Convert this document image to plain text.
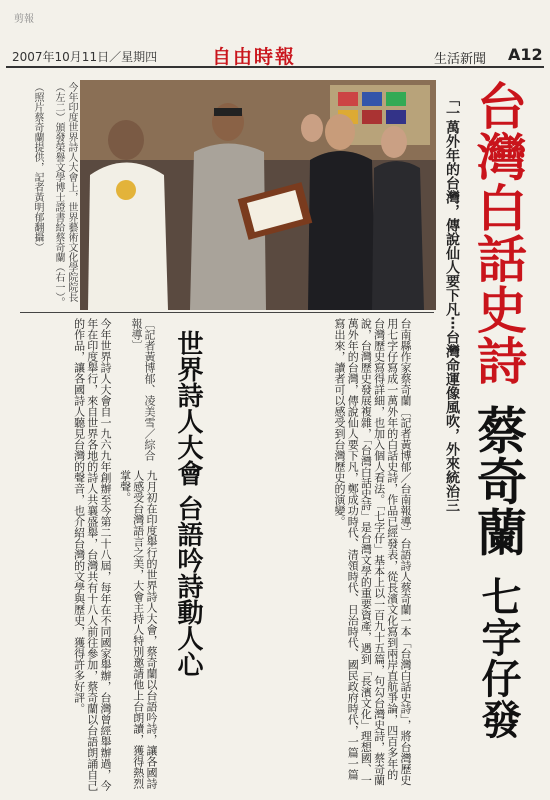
剪報
2007年10月11日／星期四	自由時報	生活新聞 A12
台灣白話史詩 蔡奇蘭 七字仔發
「一萬外年的台灣，傳說仙人要下凡⋯台灣命運像風吹，外來統治三
今年印度世界詩人大會上，世界藝術文化學院院長（左二）頒發榮譽文學博士證書給蔡奇蘭（右一）。
（照片蔡奇蘭提供，記者黃明郁翻攝）
台南縣作家蔡奇蘭〔記者黃博郁／台南報導〕台語詩人蔡奇蘭一本「台灣白話史詩」，將台灣歷史用七字仔寫成一萬外年的白話史詩，作品已經發表，從長濱文化寫到兩岸直航爭論，四百多年的台灣歷史寫得詳細，也加入個人看法。「七字仔」基本上以一百九十五篇，句勾台灣史詩，蔡奇蘭說，台灣歷史發展複雜，「台灣白話史詩」是台灣文學的重要資產，遇到「長濱文化」理想國、一萬外年的台灣，傳說仙人要下凡，鄭成功時代、清領時代、日治時代、國民政府時代，一篇一篇寫出來，讀者可以感受到台灣歷史的演變。
世界詩人大會 台語吟詩動人心
〔記者黃博郁、凌美雪／綜合報導〕
九月初在印度舉行的世界詩人大會，蔡奇蘭以台語吟詩，讓各國詩人感受台灣語言之美，大會主持人特別邀請他上台朗讀，獲得熱烈掌聲。
今年世界詩人大會自一九六九年創辦至今第二十八屆，每年在不同國家舉辦，台灣曾經舉辦過，今年在印度舉行，來自世界各地的詩人共襄盛舉，台灣共有十八人前往參加，蔡奇蘭以台語朗誦自己的作品，讓各國詩人聽見台灣的聲音，也介紹台灣的文學與歷史，獲得許多好評。
